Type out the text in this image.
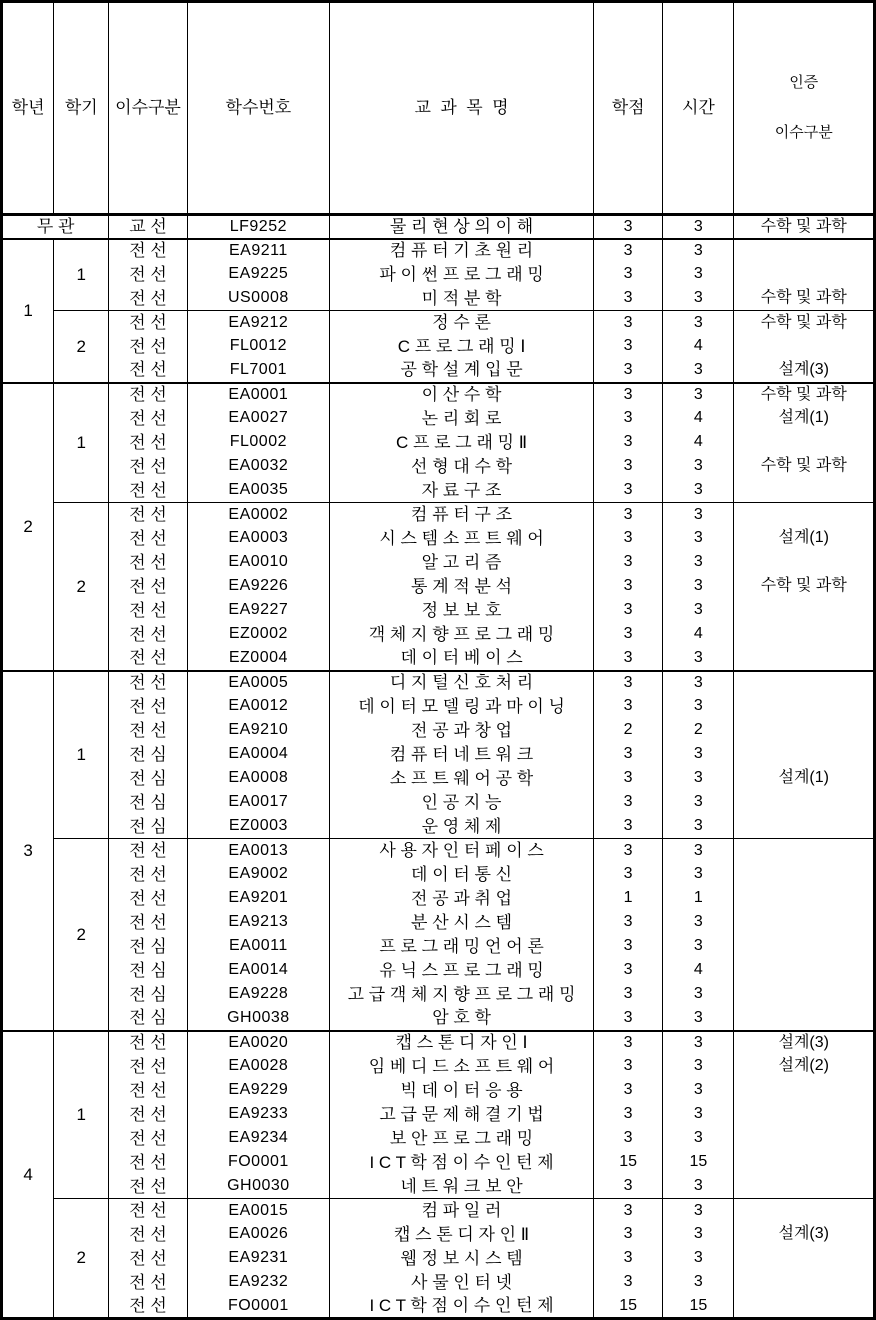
학년	학기	이수구분	학수번호	교  과  목  명	학점	시간	인증

이수구분

무 관		교 선	LF9252	물 리 현 상 의 이 해	3	3	수학 및 과학
1	1	전 선	EA9211	컴 퓨 터 기 초 원 리	3	3	
		전 선	EA9225	파 이 썬 프 로 그 래 밍	3	3	
		전 선	US0008	미 적 분 학	3	3	수학 및 과학
	2	전 선	EA9212	정 수 론	3	3	수학 및 과학
		전 선	FL0012	C 프 로 그 래 밍 Ⅰ	3	4	
		전 선	FL7001	공 학 설 계 입 문	3	3	설계(3)
2	1	전 선	EA0001	이 산 수 학	3	3	수학 및 과학
		전 선	EA0027	논 리 회 로	3	4	설계(1)
		전 선	FL0002	C 프 로 그 래 밍 Ⅱ	3	4	
		전 선	EA0032	선 형 대 수 학	3	3	수학 및 과학
		전 선	EA0035	자 료 구 조	3	3	
	2	전 선	EA0002	컴 퓨 터 구 조	3	3	
		전 선	EA0003	시 스 템 소 프 트 웨 어	3	3	설계(1)
		전 선	EA0010	알 고 리 즘	3	3	
		전 선	EA9226	통 계 적 분 석	3	3	수학 및 과학
		전 선	EA9227	정 보 보 호	3	3	
		전 선	EZ0002	객 체 지 향 프 로 그 래 밍	3	4	
		전 선	EZ0004	데 이 터 베 이 스	3	3	
3	1	전 선	EA0005	디 지 털 신 호 처 리	3	3	
		전 선	EA0012	데 이 터 모 델 링 과 마 이 닝	3	3	
		전 선	EA9210	전 공 과 창 업	2	2	
		전 심	EA0004	컴 퓨 터 네 트 워 크	3	3	
		전 심	EA0008	소 프 트 웨 어 공 학	3	3	설계(1)
		전 심	EA0017	인 공 지 능	3	3	
		전 심	EZ0003	운 영 체 제	3	3	
	2	전 선	EA0013	사 용 자 인 터 페 이 스	3	3	
		전 선	EA9002	데 이 터 통 신	3	3	
		전 선	EA9201	전 공 과 취 업	1	1	
		전 선	EA9213	분 산 시 스 템	3	3	
		전 심	EA0011	프 로 그 래 밍 언 어 론	3	3	
		전 심	EA0014	유 닉 스 프 로 그 래 밍	3	4	
		전 심	EA9228	고 급 객 체 지 향 프 로 그 래 밍	3	3	
		전 심	GH0038	암 호 학	3	3	
4	1	전 선	EA0020	캡 스 톤 디 자 인 Ⅰ	3	3	설계(3)
		전 선	EA0028	임 베 디 드 소 프 트 웨 어	3	3	설계(2)
		전 선	EA9229	빅 데 이 터 응 용	3	3	
		전 선	EA9233	고 급 문 제 해 결 기 법	3	3	
		전 선	EA9234	보 안 프 로 그 래 밍	3	3	
		전 선	FO0001	I C T 학 점 이 수 인 턴 제	15	15	
		전 선	GH0030	네 트 워 크 보 안	3	3	
	2	전 선	EA0015	컴 파 일 러	3	3	
		전 선	EA0026	캡 스 톤 디 자 인 Ⅱ	3	3	설계(3)
		전 선	EA9231	웹 정 보 시 스 템	3	3	
		전 선	EA9232	사 물 인 터 넷	3	3	
		전 선	FO0001	I C T 학 점 이 수 인 턴 제	15	15	
